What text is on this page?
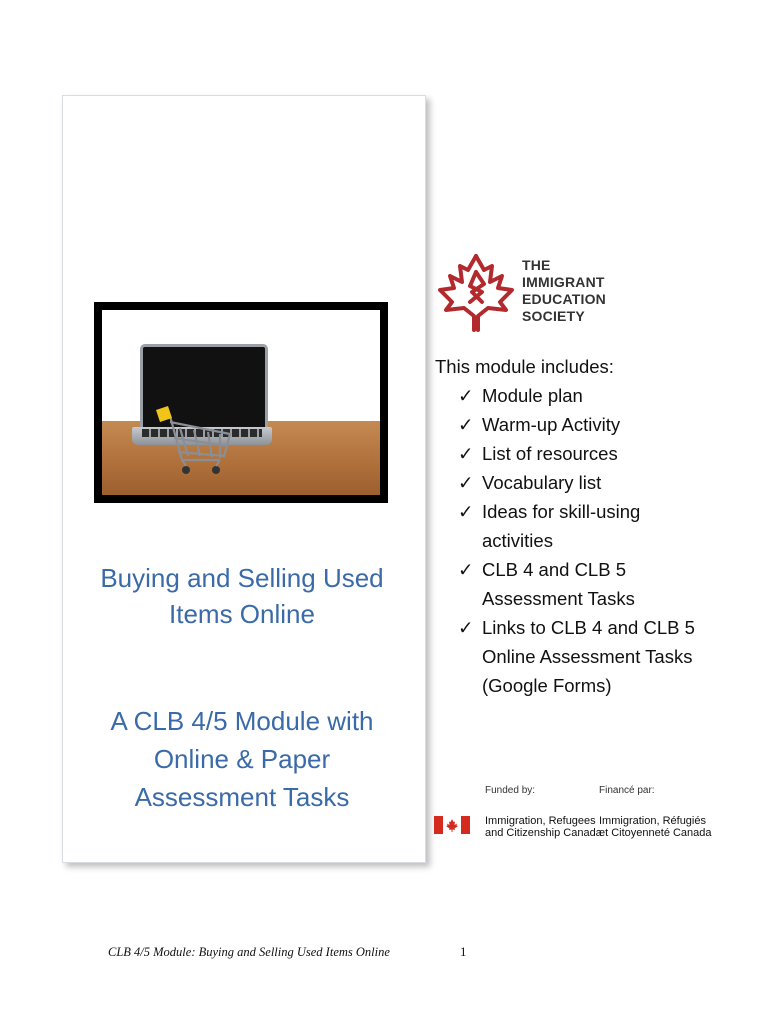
Buying and Selling Used
Items Online
A CLB 4/5 Module with
Online & Paper
Assessment Tasks
THE
IMMIGRANT
EDUCATION
SOCIETY
This module includes:
✓ Module plan
✓ Warm-up Activity
✓ List of resources
✓ Vocabulary list
✓ Ideas for skill-using
activities
✓ CLB 4 and CLB 5
Assessment Tasks
✓ Links to CLB 4 and CLB 5
Online Assessment Tasks
(Google Forms)
Funded by:	Financé par:
Immigration, Refugees
and Citizenship Canada
Immigration, Réfugiés
et Citoyenneté Canada
CLB 4/5 Module: Buying and Selling Used Items Online	1
